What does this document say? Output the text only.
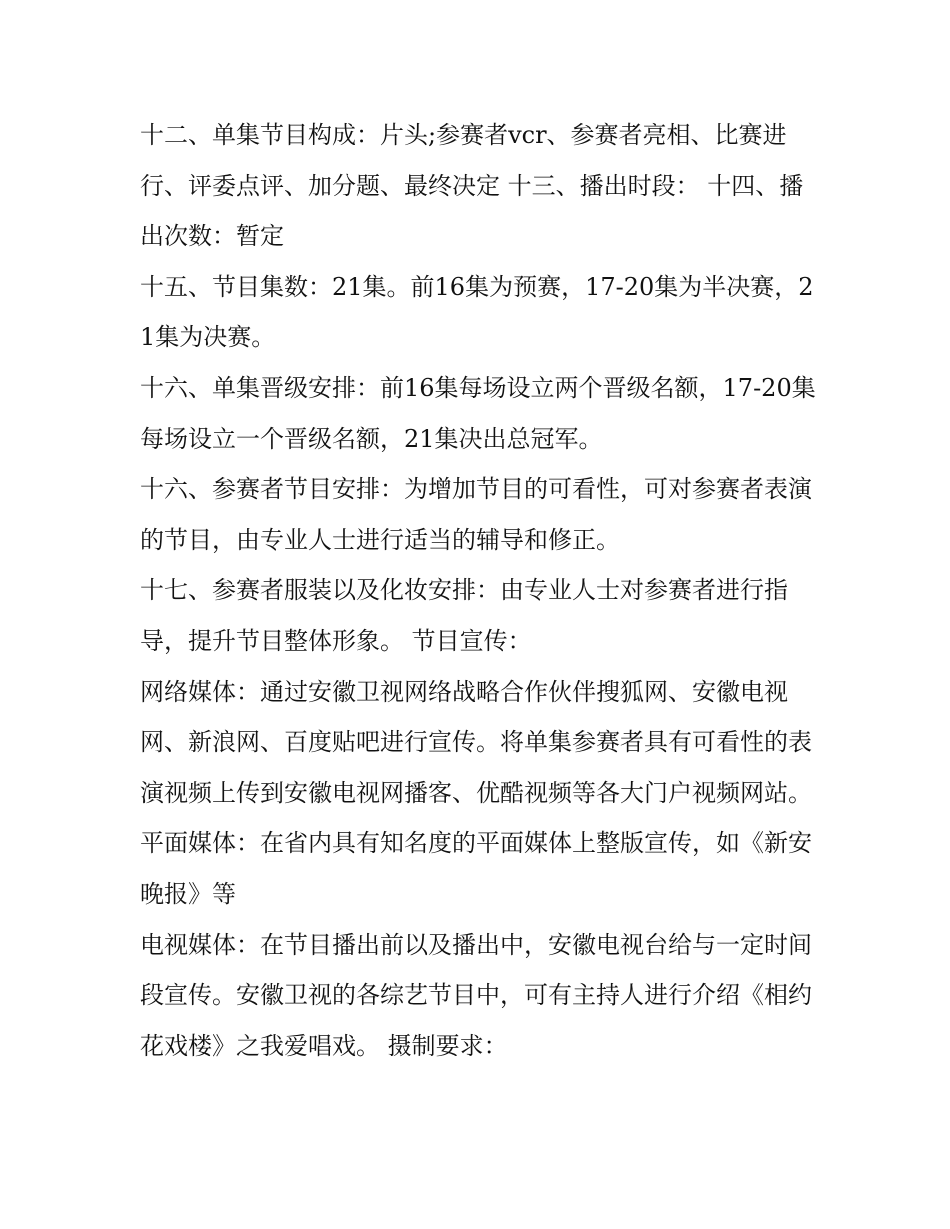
十二、单集节目构成：片头;参赛者vcr、参赛者亮相、比赛进行、评委点评、加分题、最终决定 十三、播出时段： 十四、播出次数：暂定

十五、节目集数：21集。前16集为预赛，17-20集为半决赛，21集为决赛。

十六、单集晋级安排：前16集每场设立两个晋级名额，17-20集每场设立一个晋级名额，21集决出总冠军。

十六、参赛者节目安排：为增加节目的可看性，可对参赛者表演的节目，由专业人士进行适当的辅导和修正。

十七、参赛者服装以及化妆安排：由专业人士对参赛者进行指导，提升节目整体形象。 节目宣传：

网络媒体：通过安徽卫视网络战略合作伙伴搜狐网、安徽电视网、新浪网、百度贴吧进行宣传。将单集参赛者具有可看性的表演视频上传到安徽电视网播客、优酷视频等各大门户视频网站。

平面媒体：在省内具有知名度的平面媒体上整版宣传，如《新安晚报》等

电视媒体：在节目播出前以及播出中，安徽电视台给与一定时间段宣传。安徽卫视的各综艺节目中，可有主持人进行介绍《相约花戏楼》之我爱唱戏。 摄制要求：
